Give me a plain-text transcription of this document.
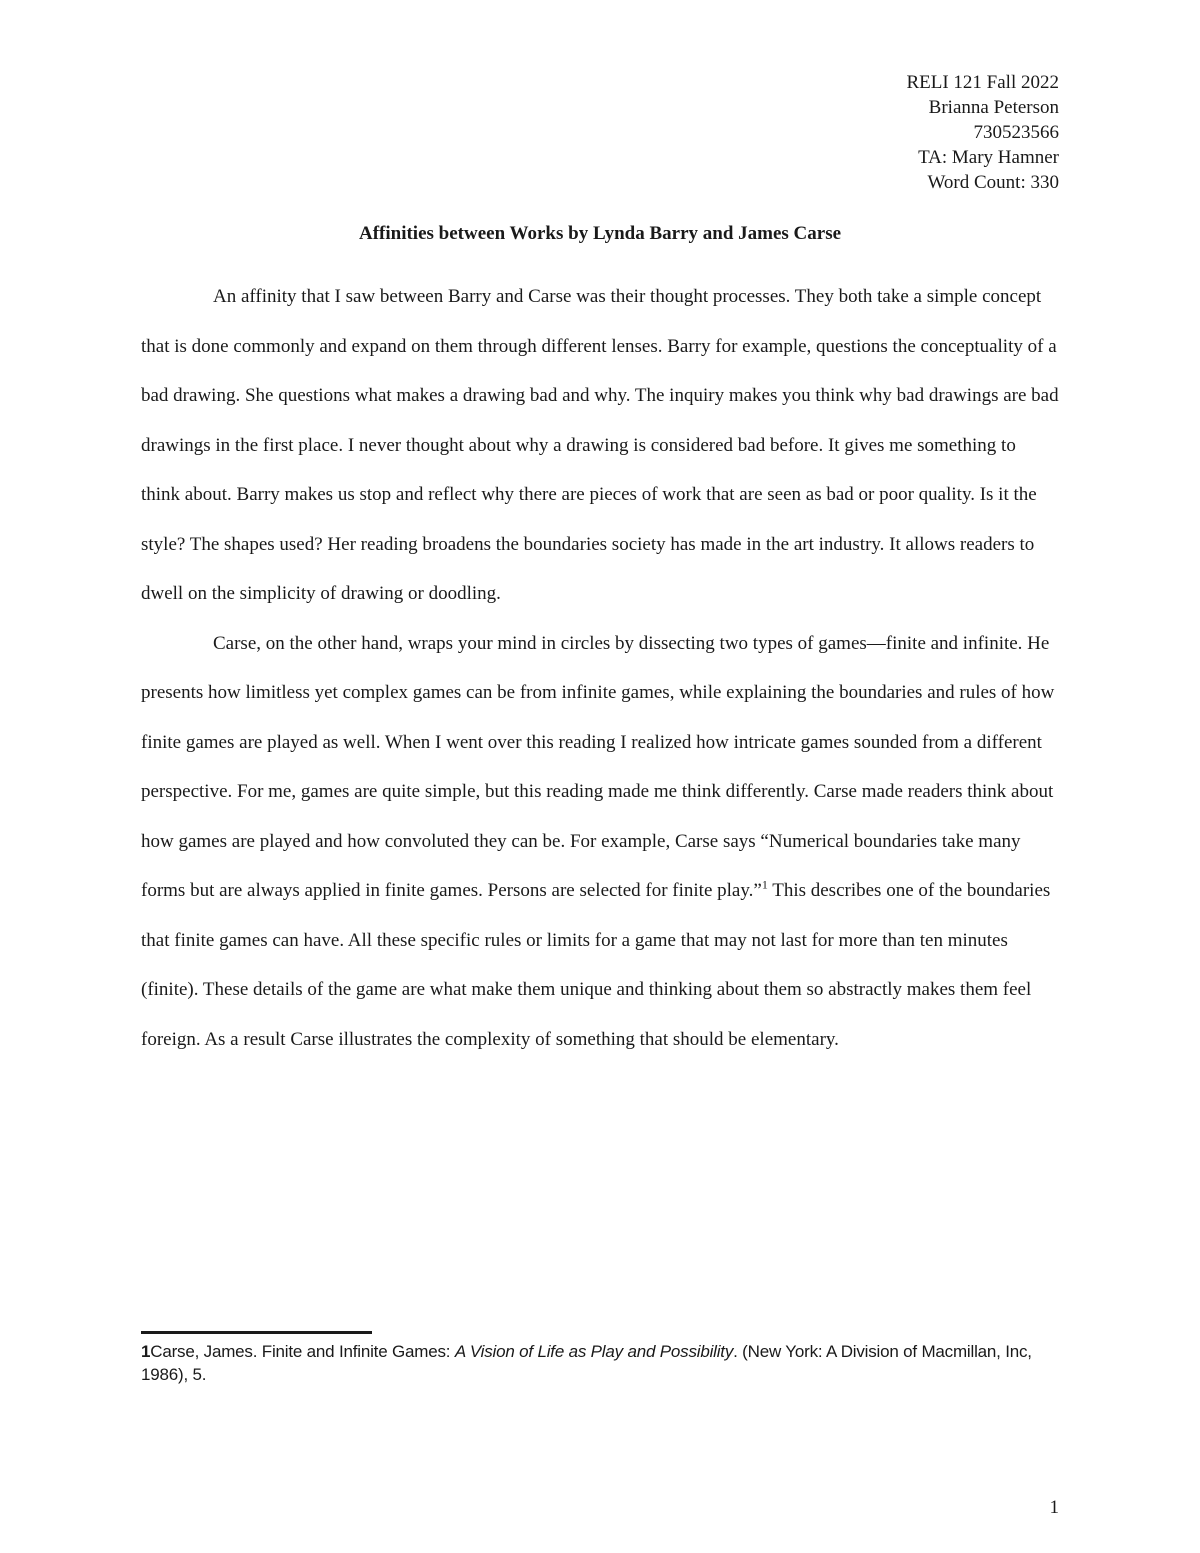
RELI 121 Fall 2022
Brianna Peterson
730523566
TA: Mary Hamner
Word Count: 330
Affinities between Works by Lynda Barry and James Carse

An affinity that I saw between Barry and Carse was their thought processes. They both take a simple concept that is done commonly and expand on them through different lenses. Barry for example, questions the conceptuality of a bad drawing. She questions what makes a drawing bad and why. The inquiry makes you think why bad drawings are bad drawings in the first place. I never thought about why a drawing is considered bad before. It gives me something to think about. Barry makes us stop and reflect why there are pieces of work that are seen as bad or poor quality. Is it the style? The shapes used? Her reading broadens the boundaries society has made in the art industry. It allows readers to dwell on the simplicity of drawing or doodling.

Carse, on the other hand, wraps your mind in circles by dissecting two types of games—finite and infinite. He presents how limitless yet complex games can be from infinite games, while explaining the boundaries and rules of how finite games are played as well. When I went over this reading I realized how intricate games sounded from a different perspective. For me, games are quite simple, but this reading made me think differently. Carse made readers think about how games are played and how convoluted they can be. For example, Carse says “Numerical boundaries take many forms but are always applied in finite games. Persons are selected for finite play.”$^1$ This describes one of the boundaries that finite games can have. All these specific rules or limits for a game that may not last for more than ten minutes (finite). These details of the game are what make them unique and thinking about them so abstractly makes them feel foreign. As a result Carse illustrates the complexity of something that should be elementary.

1Carse, James. Finite and Infinite Games: A Vision of Life as Play and Possibility. (New York: A Division of Macmillan, Inc, 1986), 5.
1
